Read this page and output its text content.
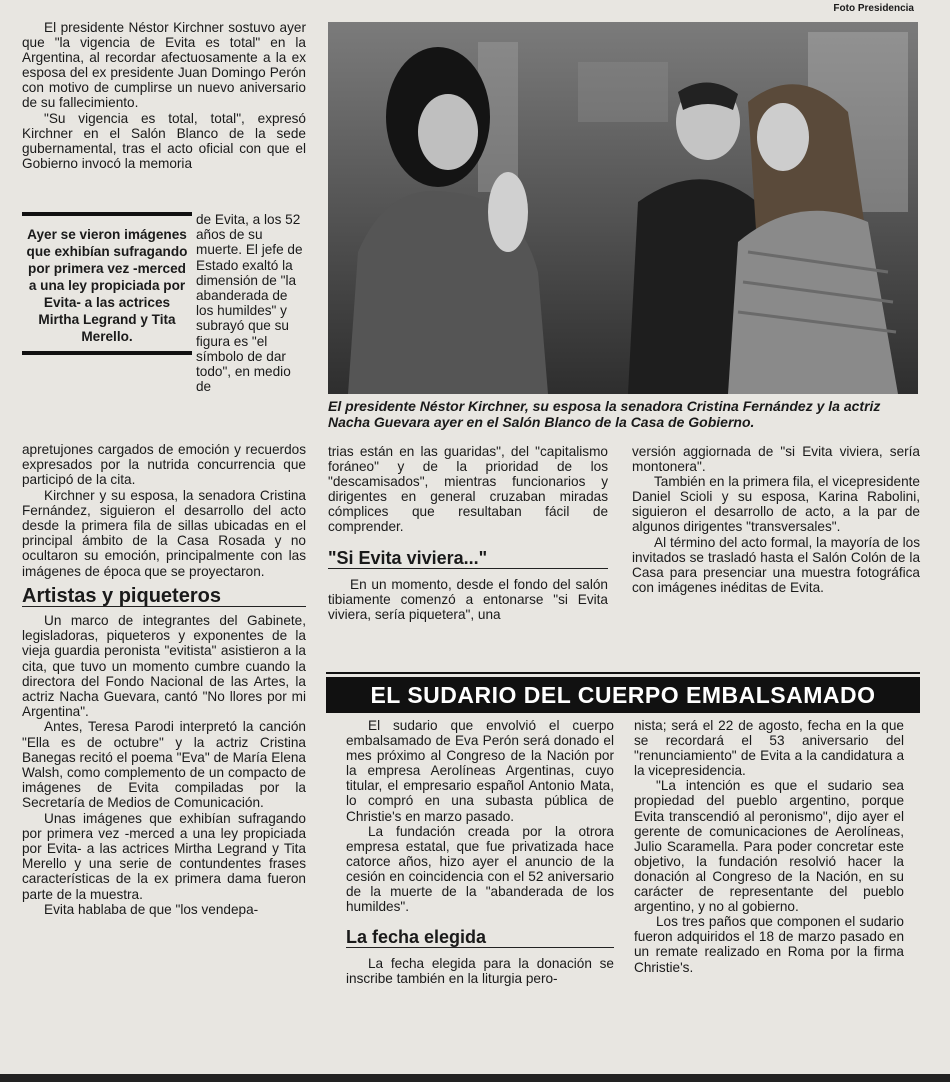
Foto Presidencia

El presidente Néstor Kirchner sostuvo ayer que "la vigencia de Evita es total" en la Argentina, al recordar afectuosamente a la ex esposa del ex presidente Juan Domingo Perón con motivo de cumplirse un nuevo aniversario de su fallecimiento.

"Su vigencia es total, total", expresó Kirchner en el Salón Blanco de la sede gubernamental, tras el acto oficial con que el Gobierno invocó la memoria

Ayer se vieron imágenes que exhibían sufragando por primera vez -merced a una ley propiciada por Evita- a las actrices Mirtha Legrand y Tita Merello.
de Evita, a los 52 años de su muerte. El jefe de Estado exaltó la dimensión de "la abanderada de los humildes" y subrayó que su figura es "el símbolo de dar todo", en medio de

apretujones cargados de emoción y recuerdos expresados por la nutrida concurrencia que participó de la cita.

Kirchner y su esposa, la senadora Cristina Fernández, siguieron el desarrollo del acto desde la primera fila de sillas ubicadas en el principal ámbito de la Casa Rosada y no ocultaron su emoción, principalmente con las imágenes de época que se proyectaron.

Artistas y piqueteros

Un marco de integrantes del Gabinete, legisladoras, piqueteros y exponentes de la vieja guardia peronista "evitista" asistieron a la cita, que tuvo un momento cumbre cuando la directora del Fondo Nacional de las Artes, la actriz Nacha Guevara, cantó "No llores por mi Argentina".

Antes, Teresa Parodi interpretó la canción "Ella es de octubre" y la actriz Cristina Banegas recitó el poema "Eva" de María Elena Walsh, como complemento de un compacto de imágenes de Evita compiladas por la Secretaría de Medios de Comunicación.

Unas imágenes que exhibían sufragando por primera vez -merced a una ley propiciada por Evita- a las actrices Mirtha Legrand y Tita Merello y una serie de contundentes frases características de la ex primera dama fueron parte de la muestra.

Evita hablaba de que "los vendepa-

El presidente Néstor Kirchner, su esposa la senadora Cristina Fernández y la actriz Nacha Guevara ayer en el Salón Blanco de la Casa de Gobierno.

trias están en las guaridas", del "capitalismo foráneo" y de la prioridad de los "descamisados", mientras funcionarios y dirigentes en general cruzaban miradas cómplices que resultaban fácil de comprender.

"Si Evita viviera..."

En un momento, desde el fondo del salón tibiamente comenzó a entonarse "si Evita viviera, sería piquetera", una

versión aggiornada de "si Evita viviera, sería montonera".

También en la primera fila, el vicepresidente Daniel Scioli y su esposa, Karina Rabolini, siguieron el desarrollo de acto, a la par de algunos dirigentes "transversales".

Al término del acto formal, la mayoría de los invitados se trasladó hasta el Salón Colón de la Casa para presenciar una muestra fotográfica con imágenes inéditas de Evita.

EL SUDARIO DEL CUERPO EMBALSAMADO

El sudario que envolvió el cuerpo embalsamado de Eva Perón será donado el mes próximo al Congreso de la Nación por la empresa Aerolíneas Argentinas, cuyo titular, el empresario español Antonio Mata, lo compró en una subasta pública de Christie's en marzo pasado.

La fundación creada por la otrora empresa estatal, que fue privatizada hace catorce años, hizo ayer el anuncio de la cesión en coincidencia con el 52 aniversario de la muerte de la "abanderada de los humildes".

La fecha elegida

La fecha elegida para la donación se inscribe también en la liturgia pero-

nista; será el 22 de agosto, fecha en la que se recordará el 53 aniversario del "renunciamiento" de Evita a la candidatura a la vicepresidencia.

"La intención es que el sudario sea propiedad del pueblo argentino, porque Evita transcendió al peronismo", dijo ayer el gerente de comunicaciones de Aerolíneas, Julio Scaramella. Para poder concretar este objetivo, la fundación resolvió hacer la donación al Congreso de la Nación, en su carácter de representante del pueblo argentino, y no al gobierno.

Los tres paños que componen el sudario fueron adquiridos el 18 de marzo pasado en un remate realizado en Roma por la firma Christie's.
